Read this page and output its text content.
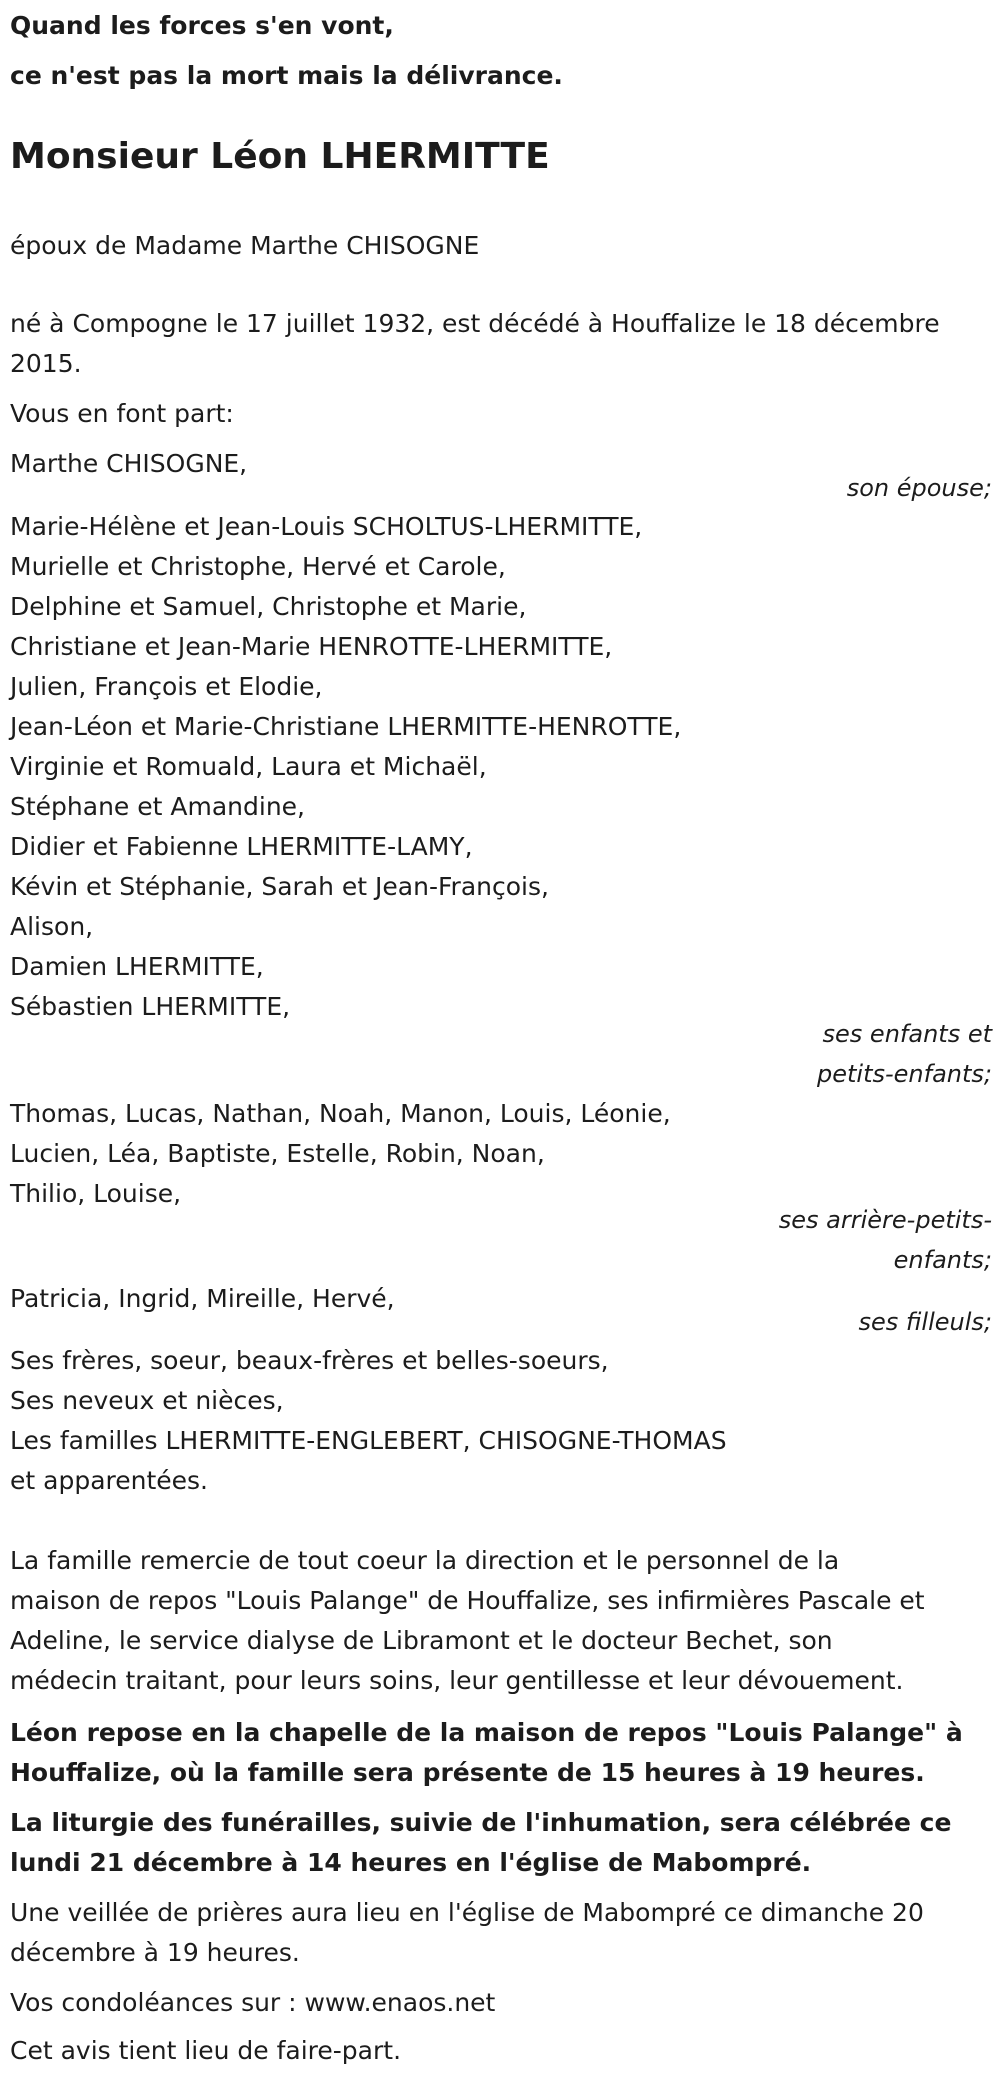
Quand les forces s'en vont,
ce n'est pas la mort mais la délivrance.
Monsieur Léon LHERMITTE
époux de Madame Marthe CHISOGNE
né à Compogne le 17 juillet 1932, est décédé à Houffalize le 18 décembre
2015.
Vous en font part:
Marthe CHISOGNE,
son épouse;
Marie-Hélène et Jean-Louis SCHOLTUS-LHERMITTE,
Murielle et Christophe, Hervé et Carole,
Delphine et Samuel, Christophe et Marie,
Christiane et Jean-Marie HENROTTE-LHERMITTE,
Julien, François et Elodie,
Jean-Léon et Marie-Christiane LHERMITTE-HENROTTE,
Virginie et Romuald, Laura et Michaël,
Stéphane et Amandine,
Didier et Fabienne LHERMITTE-LAMY,
Kévin et Stéphanie, Sarah et Jean-François,
Alison,
Damien LHERMITTE,
Sébastien LHERMITTE,
ses enfants et
petits-enfants;
Thomas, Lucas, Nathan, Noah, Manon, Louis, Léonie,
Lucien, Léa, Baptiste, Estelle, Robin, Noan,
Thilio, Louise,
ses arrière-petits-
enfants;
Patricia, Ingrid, Mireille, Hervé,
ses filleuls;
Ses frères, soeur, beaux-frères et belles-soeurs,
Ses neveux et nièces,
Les familles LHERMITTE-ENGLEBERT, CHISOGNE-THOMAS
et apparentées.
La famille remercie de tout coeur la direction et le personnel de la
maison de repos "Louis Palange" de Houffalize, ses infirmières Pascale et
Adeline, le service dialyse de Libramont et le docteur Bechet, son
médecin traitant, pour leurs soins, leur gentillesse et leur dévouement.
Léon repose en la chapelle de la maison de repos "Louis Palange" à
Houffalize, où la famille sera présente de 15 heures à 19 heures.
La liturgie des funérailles, suivie de l'inhumation, sera célébrée ce
lundi 21 décembre à 14 heures en l'église de Mabompré.
Une veillée de prières aura lieu en l'église de Mabompré ce dimanche 20
décembre à 19 heures.
Vos condoléances sur : www.enaos.net
Cet avis tient lieu de faire-part.
